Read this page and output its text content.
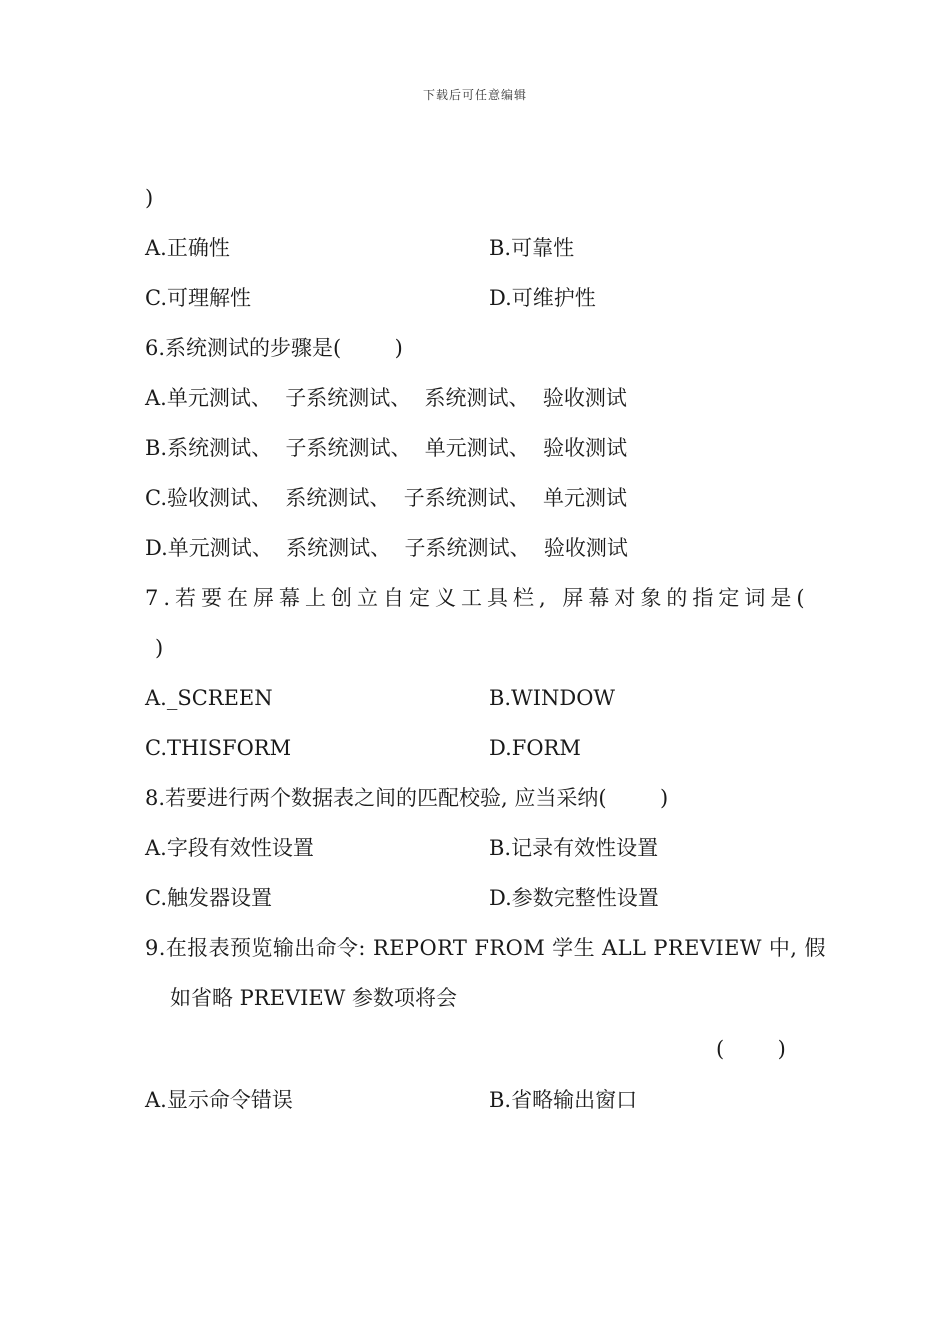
下载后可任意编辑
)
A.正确性	B.可靠性
C.可理解性	D.可维护性
6.系统测试的步骤是(        )
A.单元测试、  子系统测试、  系统测试、  验收测试
B.系统测试、  子系统测试、  单元测试、  验收测试
C.验收测试、  系统测试、  子系统测试、  单元测试
D.单元测试、  系统测试、  子系统测试、  验收测试
7.若要在屏幕上创立自定义工具栏, 屏幕对象的指定词是(
)
A._SCREEN	B.WINDOW
C.THISFORM	D.FORM
8.若要进行两个数据表之间的匹配校验, 应当采纳(        )
A.字段有效性设置	B.记录有效性设置
C.触发器设置	D.参数完整性设置
9.在报表预览输出命令: REPORT FROM 学生 ALL PREVIEW 中, 假
如省略 PREVIEW 参数项将会
(        )
A.显示命令错误	B.省略输出窗口
